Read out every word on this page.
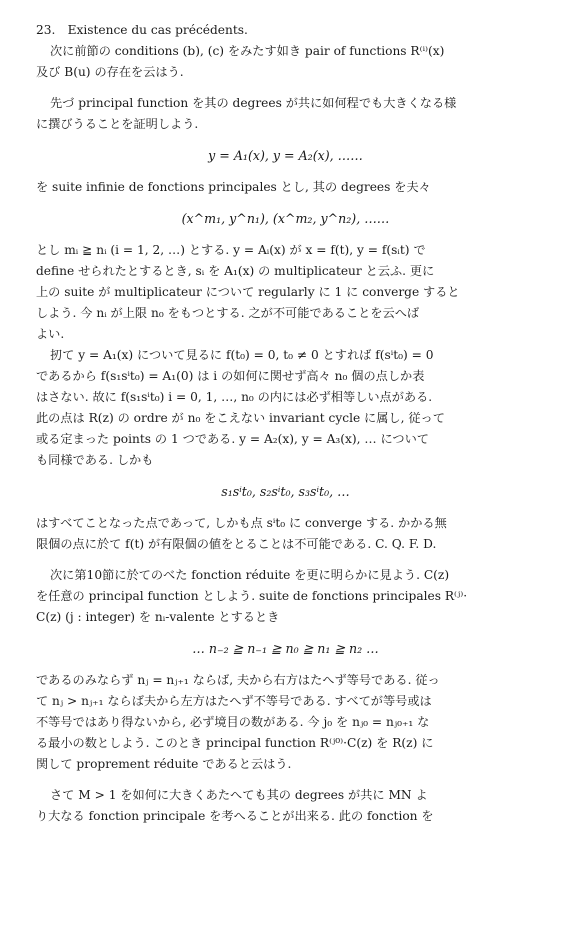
23.　Existence du cas précédents.
次に前節の conditions (b), (c) をみたす如き pair of functions R⁽ⁱ⁾(x)
及び B(u) の存在を云はう.
先づ principal function を其の degrees が共に如何程でも大きくなる様
に撰びうることを証明しよう.
y = A₁(x), y = A₂(x), ……
を suite infinie de fonctions principales とし, 其の degrees を夫々
(x^m₁, y^n₁), (x^m₂, y^n₂), ……
とし mᵢ ≧ nᵢ (i = 1, 2, …) とする. y = Aᵢ(x) が x = f(t), y = f(sᵢt) で
define せられたとするとき, sᵢ を A₁(x) の multiplicateur と云ふ. 更に
上の suite が multiplicateur について regularly に 1 に converge すると
しよう. 今 nᵢ が上限 n₀ をもつとする. 之が不可能であることを云へば
よい.
扨て y = A₁(x) について見るに f(t₀) = 0, t₀ ≠ 0 とすれば f(sⁱt₀) = 0
であるから f(s₁sⁱt₀) = A₁(0) は i の如何に関せず高々 n₀ 個の点しか表
はさない. 故に f(s₁sⁱt₀) i = 0, 1, …, n₀ の内には必ず相等しい点がある.
此の点は R(z) の ordre が n₀ をこえない invariant cycle に属し, 従って
或る定まった points の 1 つである. y = A₂(x), y = A₃(x), … について
も同様である. しかも
s₁sⁱt₀, s₂sⁱt₀, s₃sⁱt₀, …
はすべてことなった点であって, しかも点 sⁱt₀ に converge する. かかる無
限個の点に於て f(t) が有限個の値をとることは不可能である. C. Q. F. D.
次に第10節に於てのべた fonction réduite を更に明らかに見よう. C(z)
を任意の principal function としよう. suite de fonctions principales R⁽ʲ⁾·
C(z) (j : integer) を nᵢ-valente とするとき
… n₋₂ ≧ n₋₁ ≧ n₀ ≧ n₁ ≧ n₂ …
であるのみならず nⱼ = nⱼ₊₁ ならば, 夫から右方はたへず等号である. 従っ
て nⱼ > nⱼ₊₁ ならば夫から左方はたへず不等号である. すべてが等号或は
不等号ではあり得ないから, 必ず境目の数がある. 今 j₀ を nⱼ₀ = nⱼ₀₊₁ な
る最小の数としよう. このとき principal function R⁽ʲ⁰⁾·C(z) を R(z) に
関して proprement réduite であると云はう.
さて M > 1 を如何に大きくあたへても其の degrees が共に MN よ
り大なる fonction principale を考へることが出来る. 此の fonction を
